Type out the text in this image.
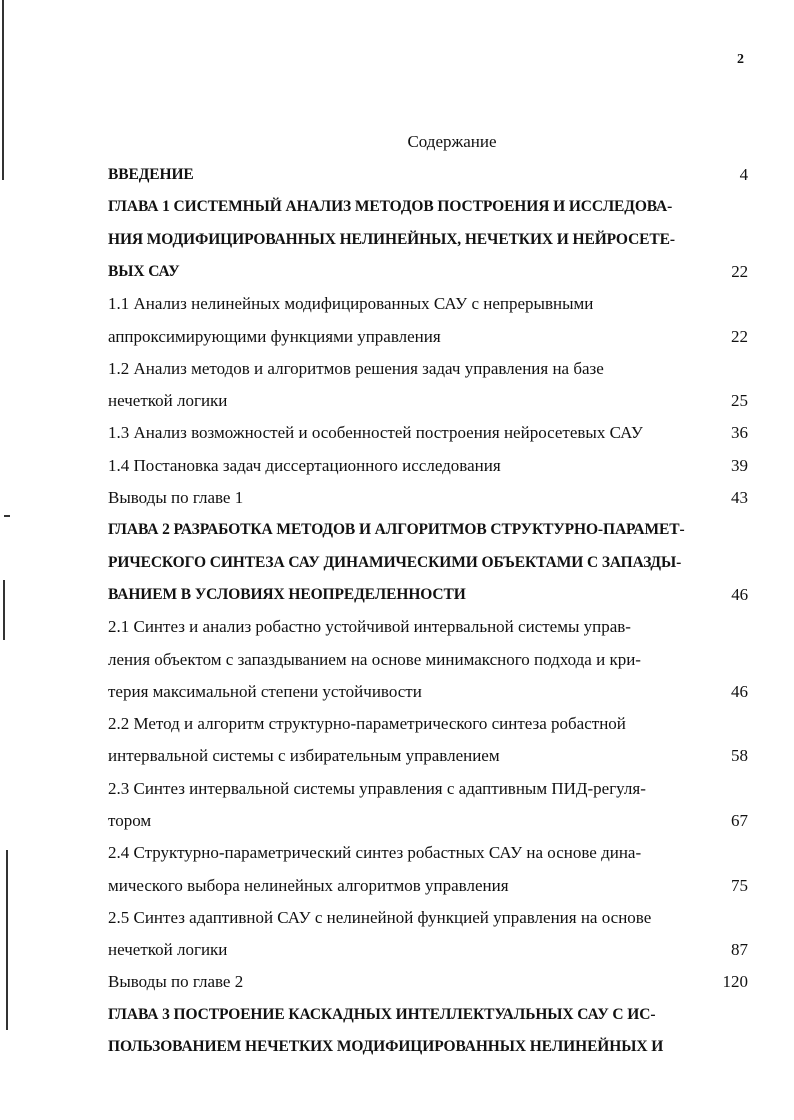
2
Содержание
ВВЕДЕНИЕ	4
ГЛАВА 1 СИСТЕМНЫЙ АНАЛИЗ МЕТОДОВ ПОСТРОЕНИЯ И ИССЛЕДОВА-
НИЯ МОДИФИЦИРОВАННЫХ НЕЛИНЕЙНЫХ, НЕЧЕТКИХ И НЕЙРОСЕТЕ-
ВЫХ САУ	22
1.1 Анализ нелинейных модифицированных САУ с непрерывными
аппроксимирующими функциями управления	22
1.2 Анализ методов и алгоритмов решения задач управления на базе
нечеткой логики	25
1.3 Анализ возможностей и особенностей построения нейросетевых САУ	36
1.4 Постановка задач диссертационного исследования	39
Выводы по главе 1	43
ГЛАВА 2 РАЗРАБОТКА МЕТОДОВ И АЛГОРИТМОВ СТРУКТУРНО-ПАРАМЕТ-
РИЧЕСКОГО СИНТЕЗА САУ ДИНАМИЧЕСКИМИ ОБЪЕКТАМИ С ЗАПАЗДЫ-
ВАНИЕМ В УСЛОВИЯХ НЕОПРЕДЕЛЕННОСТИ	46
2.1 Синтез и анализ робастно устойчивой интервальной системы управ-
ления объектом с запаздыванием на основе минимаксного подхода и кри-
терия максимальной степени устойчивости	46
2.2 Метод и алгоритм структурно-параметрического синтеза робастной
интервальной системы с избирательным управлением	58
2.3 Синтез интервальной системы управления с адаптивным ПИД-регуля-
тором	67
2.4 Структурно-параметрический синтез робастных САУ на основе дина-
мического выбора нелинейных алгоритмов управления	75
2.5 Синтез адаптивной САУ с нелинейной функцией управления на основе
нечеткой логики	87
Выводы по главе 2	120
ГЛАВА 3 ПОСТРОЕНИЕ КАСКАДНЫХ ИНТЕЛЛЕКТУАЛЬНЫХ САУ С ИС-
ПОЛЬЗОВАНИЕМ НЕЧЕТКИХ МОДИФИЦИРОВАННЫХ НЕЛИНЕЙНЫХ И
